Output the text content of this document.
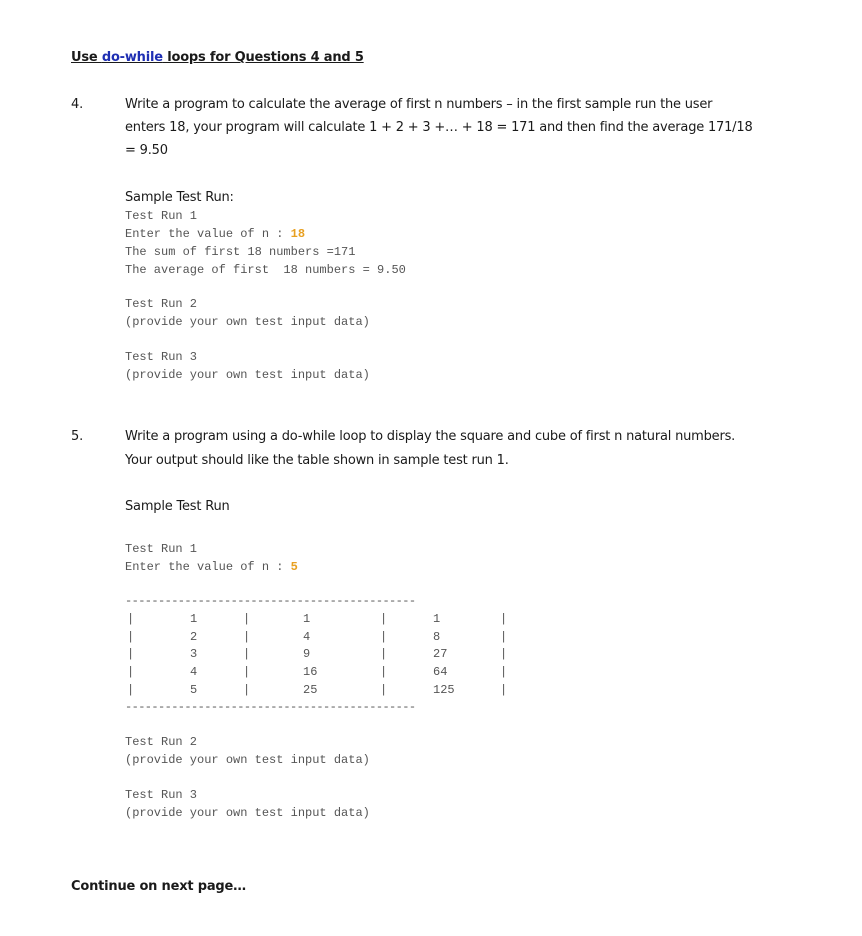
Use do-while loops for Questions 4 and 5
4.	Write a program to calculate the average of first n numbers – in the first sample run the user
enters 18, your program will calculate 1 + 2 + 3 +… + 18 = 171 and then find the average 171/18
= 9.50
Sample Test Run:
Test Run 1
Enter the value of n : 18
The sum of first 18 numbers =171
The average of first  18 numbers = 9.50
Test Run 2
(provide your own test input data)
Test Run 3
(provide your own test input data)
5.	Write a program using a do-while loop to display the square and cube of first n natural numbers.
Your output should like the table shown in sample test run 1.
Sample Test Run
Test Run 1
Enter the value of n : 5
--------------------------------------------
|	1	|	1	|	1	|
|	2	|	4	|	8	|
|	3	|	9	|	27	|
|	4	|	16	|	64	|
|	5	|	25	|	125	|
--------------------------------------------
Test Run 2
(provide your own test input data)
Test Run 3
(provide your own test input data)
Continue on next page…
